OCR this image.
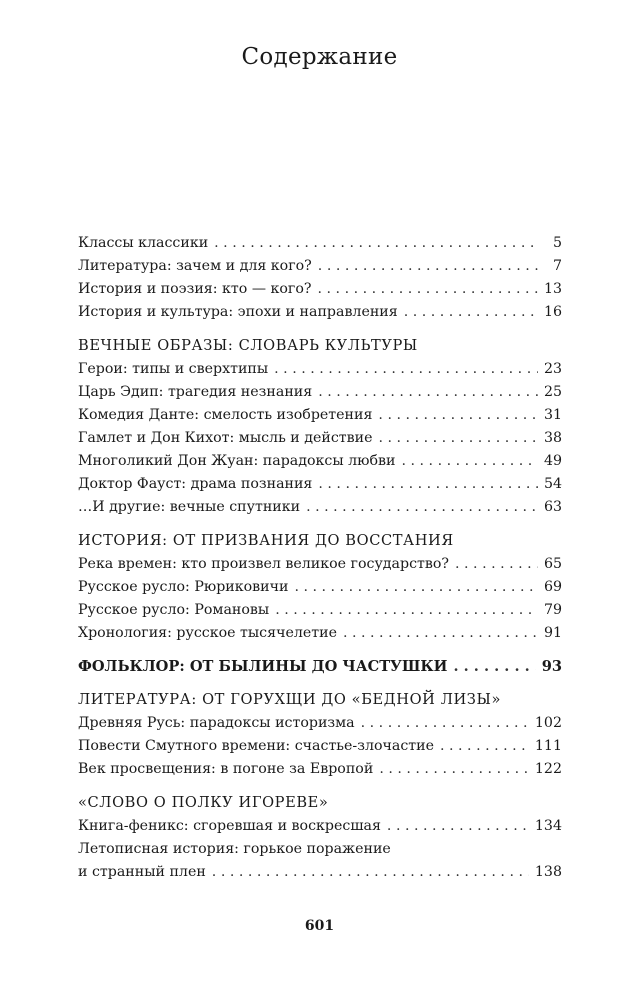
Содержание
Классы классики . . .	5
Литература: зачем и для кого? . . .	7
История и поэзия: кто — кого? . . .	13
История и культура: эпохи и направления . . .	16
ВЕЧНЫЕ ОБРАЗЫ: СЛОВАРЬ КУЛЬТУРЫ
Герои: типы и сверхтипы . . .	23
Царь Эдип: трагедия незнания . . .	25
Комедия Данте: смелость изобретения . . .	31
Гамлет и Дон Кихот: мысль и действие . . .	38
Многоликий Дон Жуан: парадоксы любви . . .	49
Доктор Фауст: драма познания . . .	54
…И другие: вечные спутники . . .	63
ИСТОРИЯ: ОТ ПРИЗВАНИЯ ДО ВОССТАНИЯ
Река времен: кто произвел великое государство? . . .	65
Русское русло: Рюриковичи . . .	69
Русское русло: Романовы . . .	79
Хронология: русское тысячелетие . . .	91
ФОЛЬКЛОР: ОТ БЫЛИНЫ ДО ЧАСТУШКИ . . .	93
ЛИТЕРАТУРА: ОТ ГОРУХЩИ ДО «БЕДНОЙ ЛИЗЫ»
Древняя Русь: парадоксы историзма . . .	102
Повести Смутного времени: счастье-злочастие . . .	111
Век просвещения: в погоне за Европой . . .	122
«СЛОВО О ПОЛКУ ИГОРЕВЕ»
Книга-феникс: сгоревшая и воскресшая . . .	134
Летописная история: горькое поражение
и странный плен . . .	138
601
